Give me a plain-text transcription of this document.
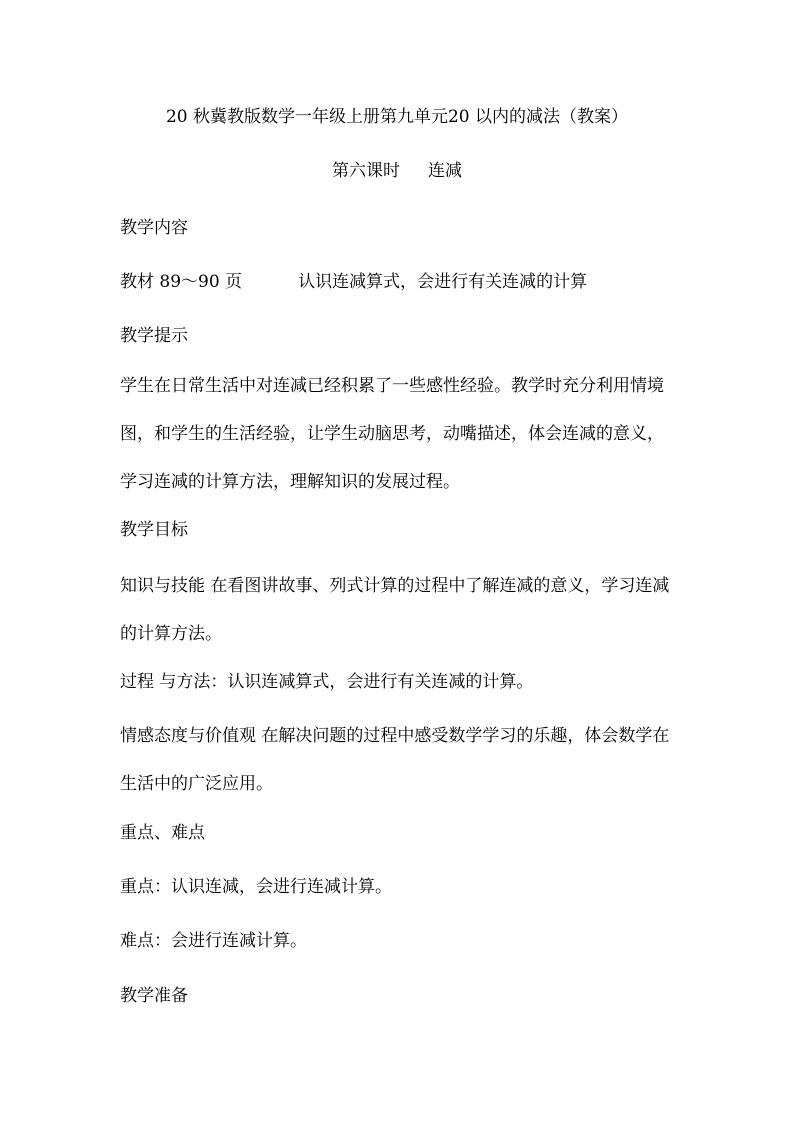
20 秋冀教版数学一年级上册第九单元20 以内的减法（教案）
第六课时 连减
教学内容
教材 89～90 页	认识连减算式，会进行有关连减的计算
教学提示
学生在日常生活中对连减已经积累了一些感性经验。教学时充分利用情境图，和学生的生活经验，让学生动脑思考，动嘴描述，体会连减的意义，学习连减的计算方法，理解知识的发展过程。
教学目标
知识与技能 在看图讲故事、列式计算的过程中了解连减的意义，学习连减的计算方法。
过程 与方法：认识连减算式，会进行有关连减的计算。
情感态度与价值观 在解决问题的过程中感受数学学习的乐趣，体会数学在生活中的广泛应用。
重点、难点
重点：认识连减，会进行连减计算。
难点：会进行连减计算。
教学准备
